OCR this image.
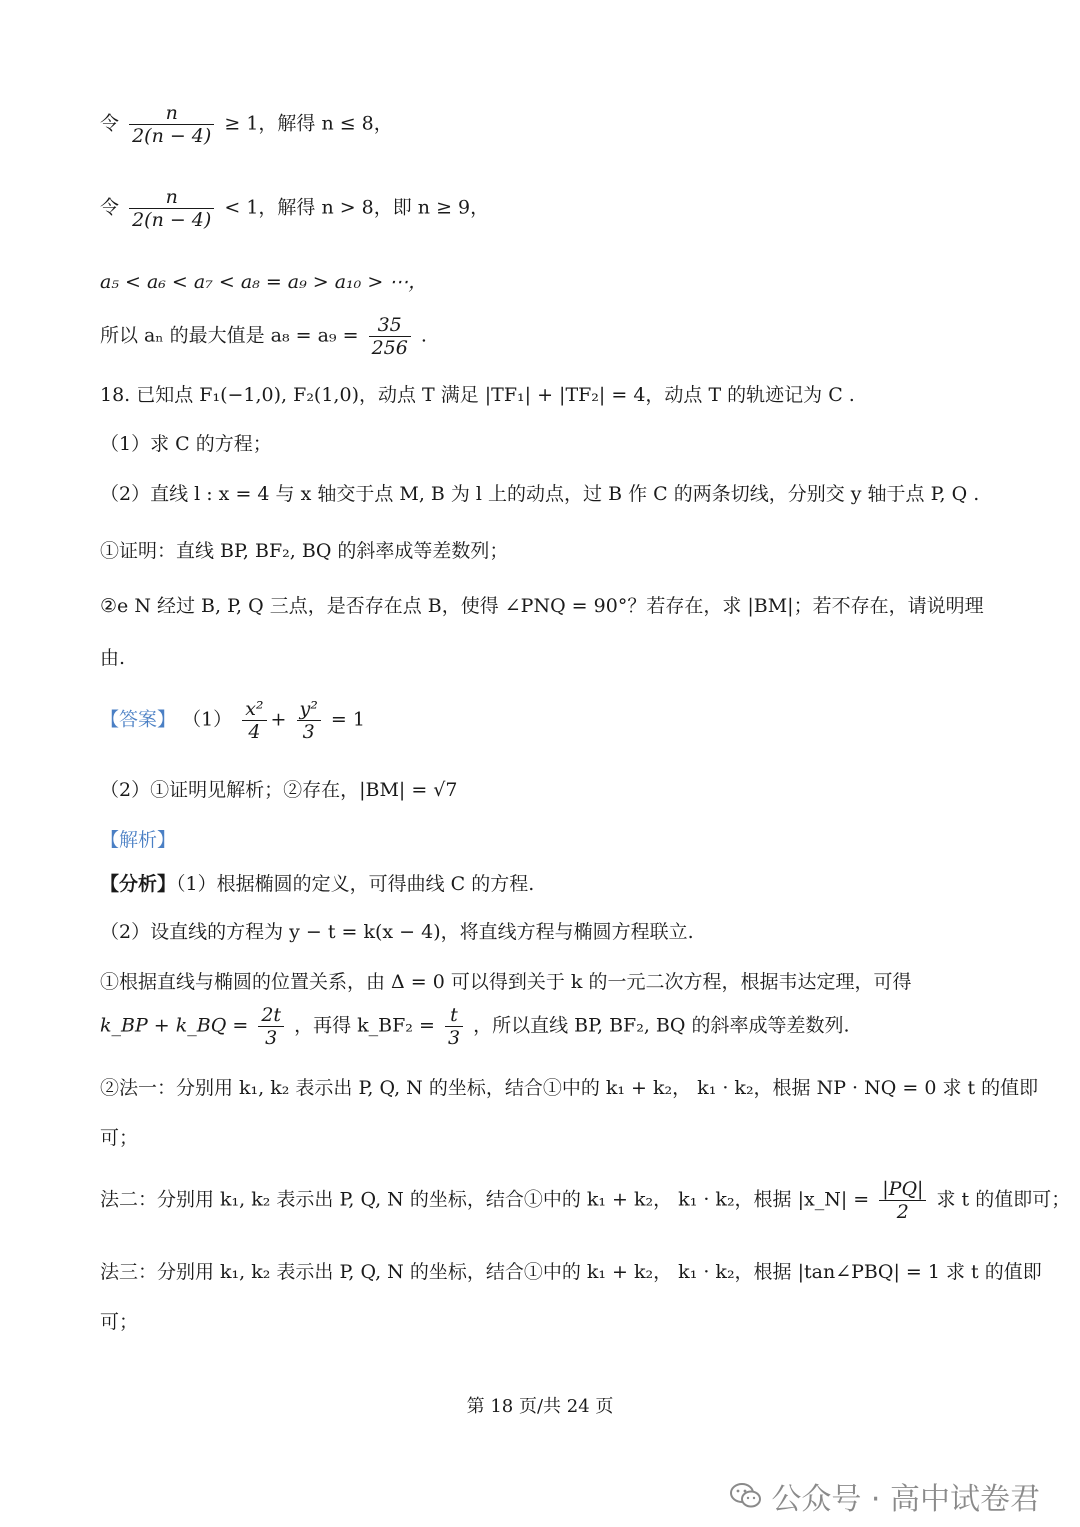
令 $\frac{n}{2(n - 4)} \ge 1$，解得 n ≤ 8，
令 $\frac{n}{2(n - 4)} < 1$，解得 n > 8，即 n ≥ 9，
a₅ < a₆ < a₇ < a₈ = a₉ > a₁₀ > ⋯，
所以 aₙ 的最大值是 $a_8 = a_9 = \frac{35}{256}$ .
18. 已知点 F₁(−1,0), F₂(1,0)，动点 T 满足 |TF₁| + |TF₂| = 4，动点 T 的轨迹记为 C .
（1）求 C 的方程；
（2）直线 l : x = 4 与 x 轴交于点 M, B 为 l 上的动点，过 B 作 C 的两条切线，分别交 y 轴于点 P, Q .
①证明：直线 BP, BF₂, BQ 的斜率成等差数列；
②e N 经过 B, P, Q 三点，是否存在点 B，使得 ∠PNQ = 90°？若存在，求 |BM|；若不存在，请说明理
由.
【答案】 $(1) \frac{\text{x²}}{4} + \frac{\text{y²}}{3} = 1$
（2）①证明见解析；②存在，|BM| = √7
【解析】
【分析】（1）根据椭圆的定义，可得曲线 C 的方程.
（2）设直线的方程为 y − t = k(x − 4)，将直线方程与椭圆方程联立.
①根据直线与椭圆的位置关系，由 Δ = 0 可以得到关于 k 的一元二次方程，根据韦达定理，可得
k_BP + k_BQ = $\frac{2t}{3}$ ，再得 k_BF₂ = $\frac{t}{3}$ ，所以直线 BP, BF₂, BQ 的斜率成等差数列.
②法一：分别用 k₁, k₂ 表示出 P, Q, N 的坐标，结合①中的 k₁ + k₂， k₁ · k₂，根据 NP · NQ = 0 求 t 的值即
可；
法二：分别用 k₁, k₂ 表示出 P, Q, N 的坐标，结合①中的 k₁ + k₂， k₁ · k₂，根据 |x_N| = $\frac{|PQ|}{2}$ 求 t 的值即可；
法三：分别用 k₁, k₂ 表示出 P, Q, N 的坐标，结合①中的 k₁ + k₂， k₁ · k₂，根据 |tan∠PBQ| = 1 求 t 的值即
可；
第 18 页/共 24 页
公众号 · 高中试卷君
